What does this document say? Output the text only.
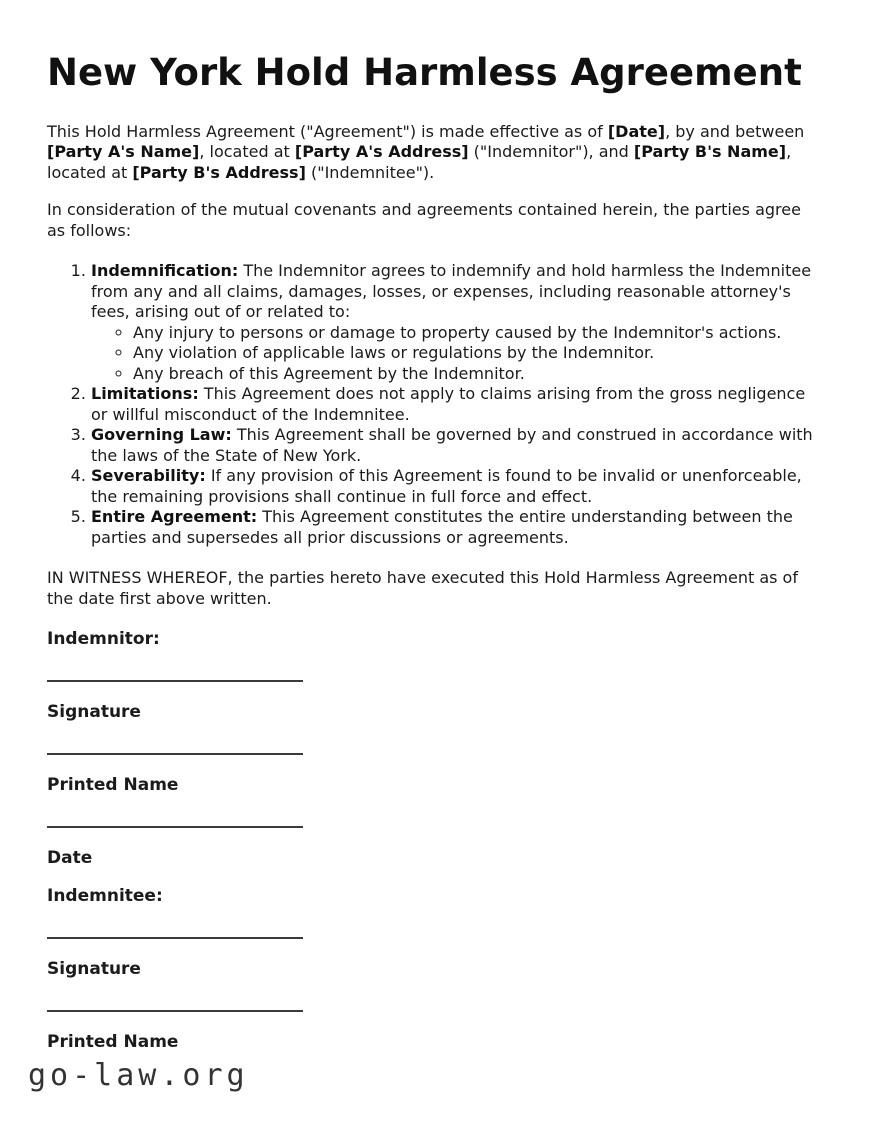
New York Hold Harmless Agreement

This Hold Harmless Agreement ("Agreement") is made effective as of [Date], by and between [Party A's Name], located at [Party A's Address] ("Indemnitor"), and [Party B's Name], located at [Party B's Address] ("Indemnitee").

In consideration of the mutual covenants and agreements contained herein, the parties agree as follows:

1. Indemnification: The Indemnitor agrees to indemnify and hold harmless the Indemnitee from any and all claims, damages, losses, or expenses, including reasonable attorney's fees, arising out of or related to:
◦ Any injury to persons or damage to property caused by the Indemnitor's actions.
◦ Any violation of applicable laws or regulations by the Indemnitor.
◦ Any breach of this Agreement by the Indemnitor.
2. Limitations: This Agreement does not apply to claims arising from the gross negligence or willful misconduct of the Indemnitee.
3. Governing Law: This Agreement shall be governed by and construed in accordance with the laws of the State of New York.
4. Severability: If any provision of this Agreement is found to be invalid or unenforceable, the remaining provisions shall continue in full force and effect.
5. Entire Agreement: This Agreement constitutes the entire understanding between the parties and supersedes all prior discussions or agreements.

IN WITNESS WHEREOF, the parties hereto have executed this Hold Harmless Agreement as of the date first above written.

Indemnitor:
Signature
Printed Name
Date
Indemnitee:
Signature
Printed Name
go-law.org
